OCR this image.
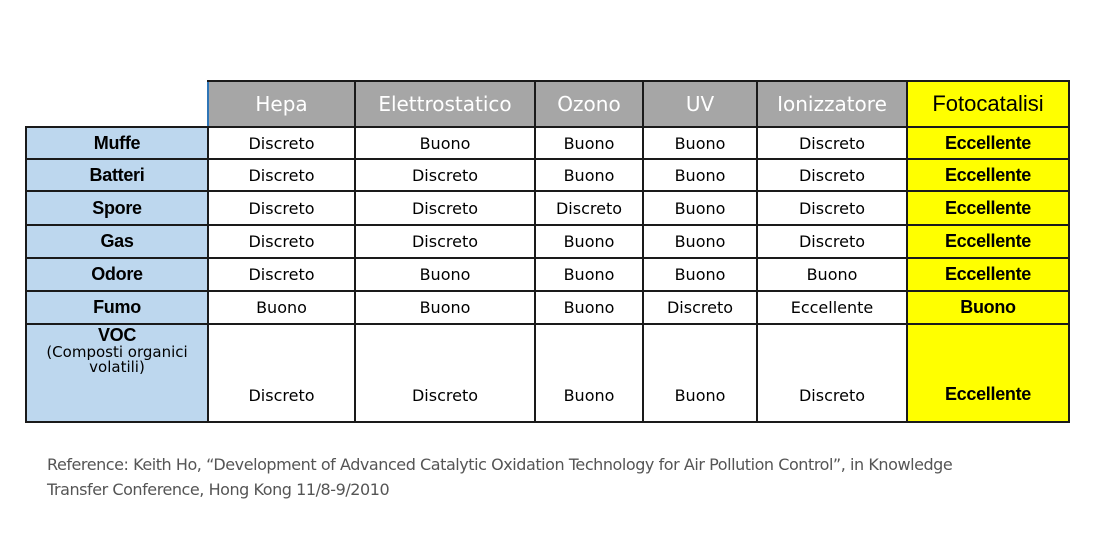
	Hepa	Elettrostatico	Ozono	UV	Ionizzatore	Fotocatalisi
Muffe	Discreto	Buono	Buono	Buono	Discreto	Eccellente
Batteri	Discreto	Discreto	Buono	Buono	Discreto	Eccellente
Spore	Discreto	Discreto	Discreto	Buono	Discreto	Eccellente
Gas	Discreto	Discreto	Buono	Buono	Discreto	Eccellente
Odore	Discreto	Buono	Buono	Buono	Buono	Eccellente
Fumo	Buono	Buono	Buono	Discreto	Eccellente	Buono

VOC
(Composti organici
volatili)	Discreto	Discreto	Buono	Buono	Discreto	Eccellente
Reference: Keith Ho, “Development of Advanced Catalytic Oxidation Technology for Air Pollution Control”, in Knowledge
Transfer Conference, Hong Kong 11/8-9/2010
